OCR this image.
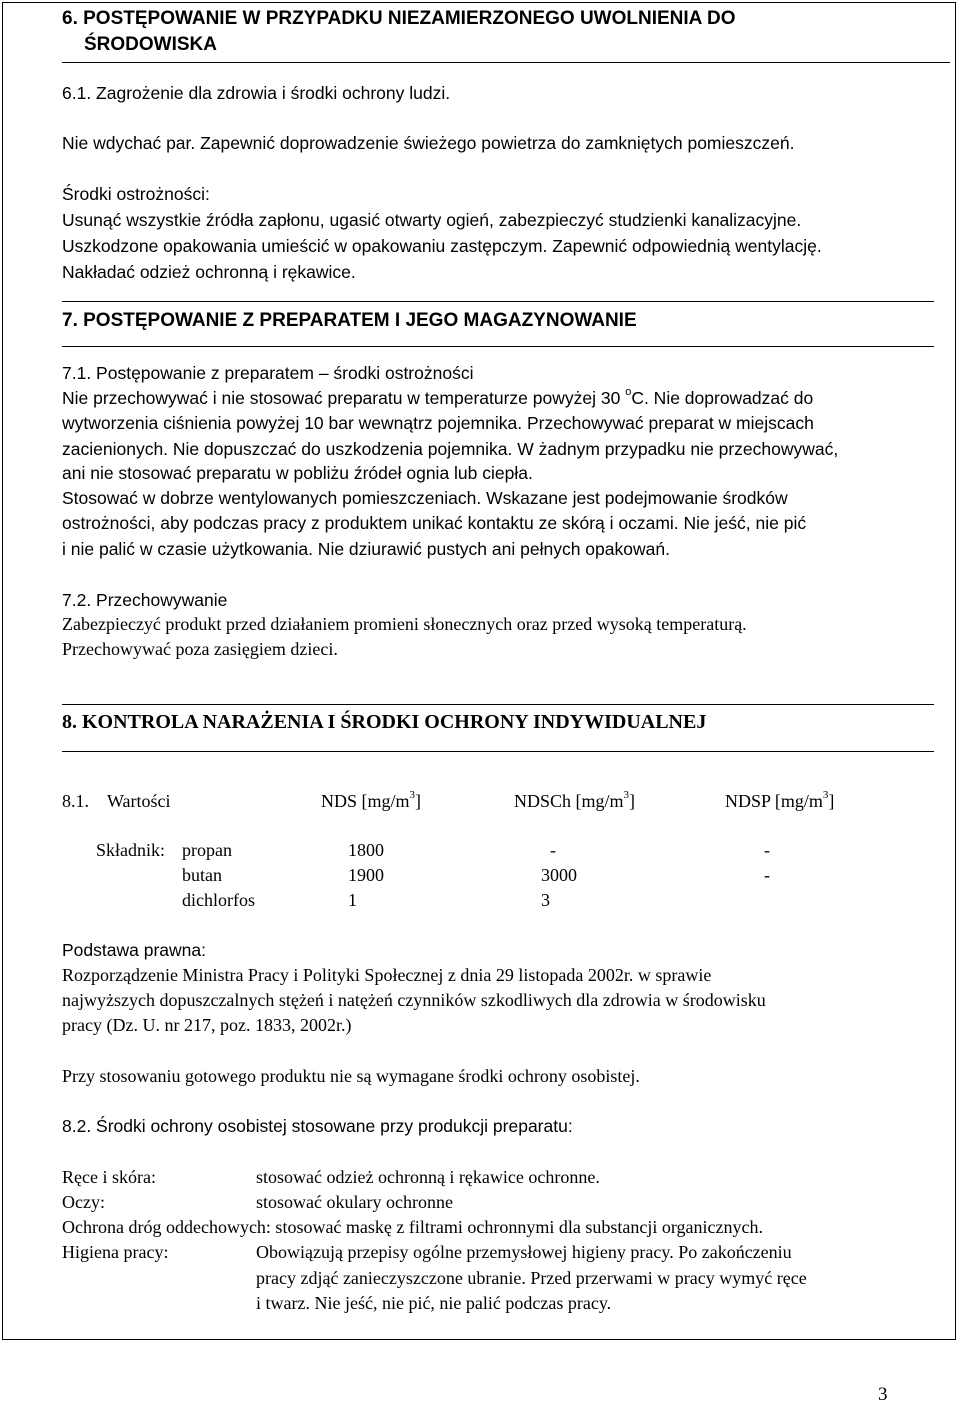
6. POSTĘPOWANIE W PRZYPADKU NIEZAMIERZONEGO UWOLNIENIA DO
ŚRODOWISKA
6.1. Zagrożenie dla zdrowia i środki ochrony ludzi.
Nie wdychać par. Zapewnić doprowadzenie świeżego powietrza do zamkniętych pomieszczeń.
Środki ostrożności:
Usunąć wszystkie źródła zapłonu, ugasić otwarty ogień, zabezpieczyć studzienki kanalizacyjne.
Uszkodzone opakowania umieścić w opakowaniu zastępczym. Zapewnić odpowiednią wentylację.
Nakładać odzież ochronną i rękawice.
7. POSTĘPOWANIE Z PREPARATEM I JEGO MAGAZYNOWANIE
7.1. Postępowanie z preparatem – środki ostrożności
Nie przechowywać i nie stosować preparatu w temperaturze powyżej 30 $^o$C. Nie doprowadzać do
wytworzenia ciśnienia powyżej 10 bar wewnątrz pojemnika. Przechowywać preparat w miejscach
zacienionych. Nie dopuszczać do uszkodzenia pojemnika. W żadnym przypadku nie przechowywać,
ani nie stosować preparatu w pobliżu źródeł ognia lub ciepła.
Stosować w dobrze wentylowanych pomieszczeniach. Wskazane jest podejmowanie środków
ostrożności, aby podczas pracy z produktem unikać kontaktu ze skórą i oczami. Nie jeść, nie pić
i nie palić w czasie użytkowania. Nie dziurawić pustych ani pełnych opakowań.
7.2. Przechowywanie
Zabezpieczyć produkt przed działaniem promieni słonecznych oraz przed wysoką temperaturą.
Przechowywać poza zasięgiem dzieci.
8. KONTROLA NARAŻENIA I ŚRODKI OCHRONY INDYWIDUALNEJ
8.1. Wartości	NDS $[mg/m^3]$	NDSCh $[mg/m^3]$	NDSP $[mg/m^3]$
Składnik: propan	1800	-	-
butan	1900	3000	-
dichlorfos	1	3
Podstawa prawna:
Rozporządzenie Ministra Pracy i Polityki Społecznej z dnia 29 listopada 2002r. w sprawie
najwyższych dopuszczalnych stężeń i natężeń czynników szkodliwych dla zdrowia w środowisku
pracy (Dz. U. nr 217, poz. 1833, 2002r.)
Przy stosowaniu gotowego produktu nie są wymagane środki ochrony osobistej.
8.2. Środki ochrony osobistej stosowane przy produkcji preparatu:
Ręce i skóra:	stosować odzież ochronną i rękawice ochronne.
Oczy:	stosować okulary ochronne
Ochrona dróg oddechowych: stosować maskę z filtrami ochronnymi dla substancji organicznych.
Higiena pracy:	Obowiązują przepisy ogólne przemysłowej higieny pracy. Po zakończeniu
pracy zdjąć zanieczyszczone ubranie. Przed przerwami w pracy wymyć ręce
i twarz. Nie jeść, nie pić, nie palić podczas pracy.
3
